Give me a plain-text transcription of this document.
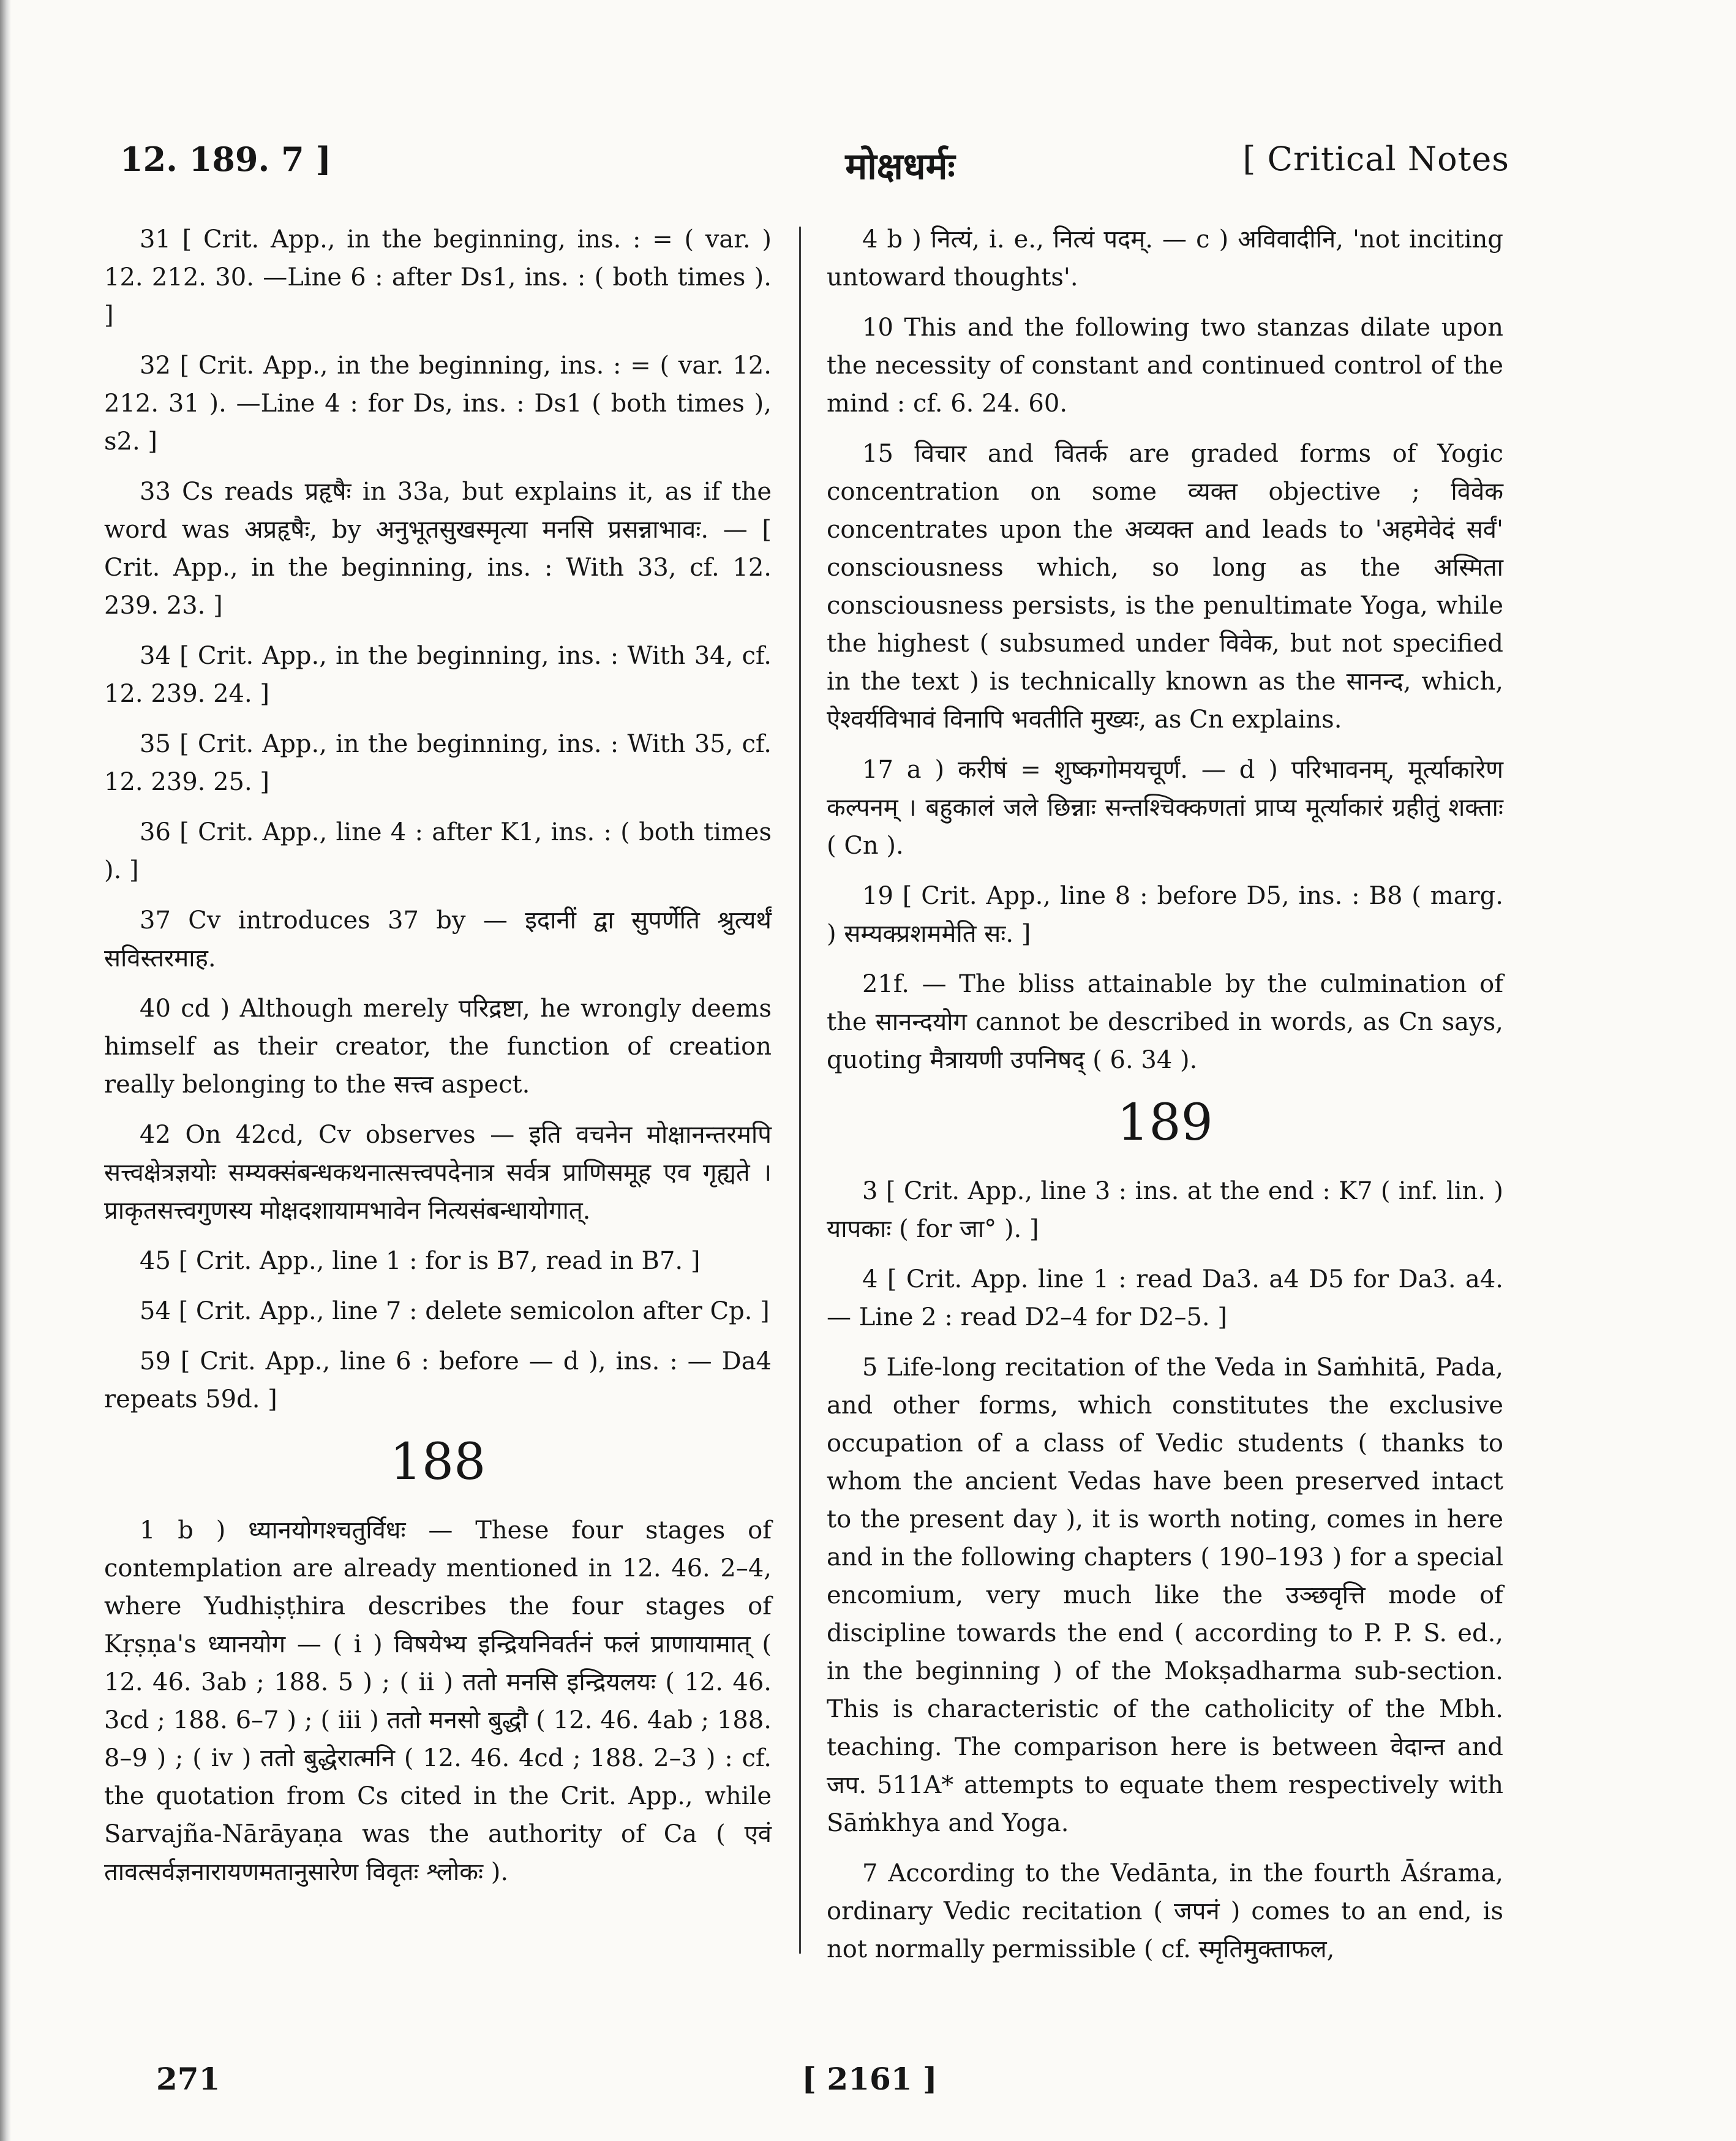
12. 189. 7 ]	मोक्षधर्मः	[ Critical Notes

31 [ Crit. App., in the beginning, ins. : = ( var. ) 12. 212. 30. —Line 6 : after Ds1, ins. : ( both times ). ]

32 [ Crit. App., in the beginning, ins. : = ( var. 12. 212. 31 ). —Line 4 : for Ds, ins. : Ds1 ( both times ), s2. ]

33 Cs reads प्रहृषैः in 33a, but explains it, as if the word was अप्रहृषैः, by अनुभूतसुखस्मृत्या मनसि प्रसन्नाभावः. — [ Crit. App., in the beginning, ins. : With 33, cf. 12. 239. 23. ]

34 [ Crit. App., in the beginning, ins. : With 34, cf. 12. 239. 24. ]

35 [ Crit. App., in the beginning, ins. : With 35, cf. 12. 239. 25. ]

36 [ Crit. App., line 4 : after K1, ins. : ( both times ). ]

37 Cv introduces 37 by — इदानीं द्वा सुपर्णेति श्रुत्यर्थं सविस्तरमाह.

40 cd ) Although merely परिद्रष्टा, he wrongly deems himself as their creator, the function of creation really belonging to the सत्त्व aspect.

42 On 42cd, Cv observes — इति वचनेन मोक्षानन्तरमपि सत्त्वक्षेत्रज्ञयोः सम्यक्संबन्धकथनात्सत्त्वपदेनात्र सर्वत्र प्राणिसमूह एव गृह्यते । प्राकृतसत्त्वगुणस्य मोक्षदशायामभावेन नित्यसंबन्धायोगात्.

45 [ Crit. App., line 1 : for is B7, read in B7. ]

54 [ Crit. App., line 7 : delete semicolon after Cp. ]

59 [ Crit. App., line 6 : before — d ), ins. : — Da4 repeats 59d. ]

188

1 b ) ध्यानयोगश्चतुर्विधः — These four stages of contemplation are already mentioned in 12. 46. 2–4, where Yudhiṣṭhira describes the four stages of Kṛṣṇa's ध्यानयोग — ( i ) विषयेभ्य इन्द्रियनिवर्तनं फलं प्राणायामात् ( 12. 46. 3ab ; 188. 5 ) ; ( ii ) ततो मनसि इन्द्रियलयः ( 12. 46. 3cd ; 188. 6–7 ) ; ( iii ) ततो मनसो बुद्धौ ( 12. 46. 4ab ; 188. 8–9 ) ; ( iv ) ततो बुद्धेरात्मनि ( 12. 46. 4cd ; 188. 2–3 ) : cf. the quotation from Cs cited in the Crit. App., while Sarvajña-Nārāyaṇa was the authority of Ca ( एवं तावत्सर्वज्ञनारायणमतानुसारेण विवृतः श्लोकः ).

4 b ) नित्यं, i. e., नित्यं पदम्. — c ) अविवादीनि, 'not inciting untoward thoughts'.

10 This and the following two stanzas dilate upon the necessity of constant and continued control of the mind : cf. 6. 24. 60.

15 विचार and वितर्क are graded forms of Yogic concentration on some व्यक्त objective ; विवेक concentrates upon the अव्यक्त and leads to 'अहमेवेदं सर्वं' consciousness which, so long as the अस्मिता consciousness persists, is the penultimate Yoga, while the highest ( subsumed under विवेक, but not specified in the text ) is technically known as the सानन्द, which, ऐश्वर्यविभावं विनापि भवतीति मुख्यः, as Cn explains.

17 a ) करीषं = शुष्कगोमयचूर्णं. — d ) परिभावनम्, मूर्त्याकारेण कल्पनम् । बहुकालं जले छिन्नाः सन्तश्चिक्कणतां प्राप्य मूर्त्याकारं ग्रहीतुं शक्ताः ( Cn ).

19 [ Crit. App., line 8 : before D5, ins. : B8 ( marg. ) सम्यक्प्रशममेति सः. ]

21f. — The bliss attainable by the culmination of the सानन्दयोग cannot be described in words, as Cn says, quoting मैत्रायणी उपनिषद् ( 6. 34 ).

189

3 [ Crit. App., line 3 : ins. at the end : K7 ( inf. lin. ) यापकाः ( for जा° ). ]

4 [ Crit. App. line 1 : read Da3. a4 D5 for Da3. a4. — Line 2 : read D2–4 for D2–5. ]

5 Life-long recitation of the Veda in Saṁhitā, Pada, and other forms, which constitutes the exclusive occupation of a class of Vedic students ( thanks to whom the ancient Vedas have been preserved intact to the present day ), it is worth noting, comes in here and in the following chapters ( 190–193 ) for a special encomium, very much like the उञ्छवृत्ति mode of discipline towards the end ( according to P. P. S. ed., in the beginning ) of the Mokṣadharma sub-section. This is characteristic of the catholicity of the Mbh. teaching. The comparison here is between वेदान्त and जप. 511A* attempts to equate them respectively with Sāṁkhya and Yoga.

7 According to the Vedānta, in the fourth Āśrama, ordinary Vedic recitation ( जपनं ) comes to an end, is not normally permissible ( cf. स्मृतिमुक्ताफल,

271	[ 2161 ]
